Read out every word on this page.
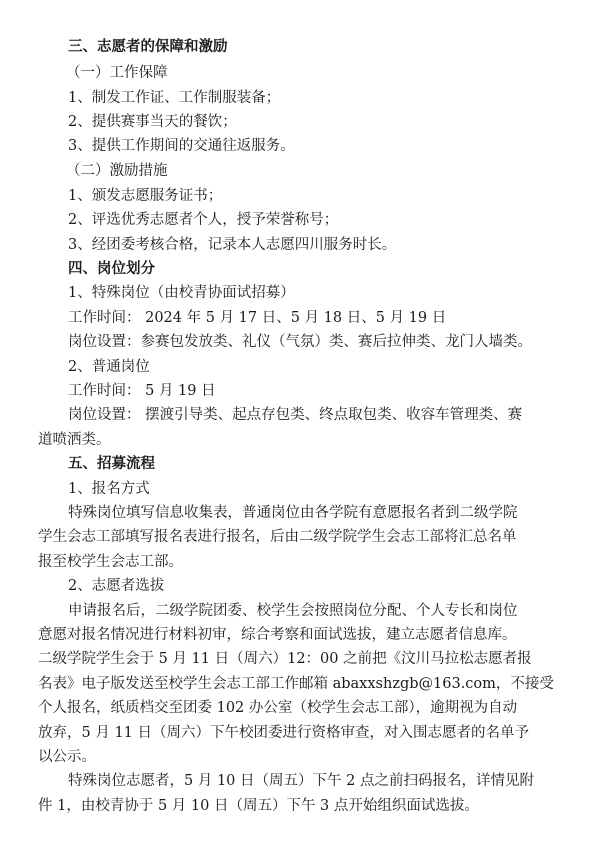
三、志愿者的保障和激励

（一）工作保障

1、制发工作证、工作制服装备；

2、提供赛事当天的餐饮；

3、提供工作期间的交通往返服务。

（二）激励措施

1、颁发志愿服务证书；

2、评选优秀志愿者个人，授予荣誉称号；

3、经团委考核合格，记录本人志愿四川服务时长。

四、岗位划分

1、特殊岗位（由校青协面试招募）

工作时间： 2024 年 5 月 17 日、5 月 18 日、5 月 19 日

岗位设置：参赛包发放类、礼仪（气氛）类、赛后拉伸类、龙门人墙类。

2、普通岗位

工作时间： 5 月 19 日

岗位设置： 摆渡引导类、起点存包类、终点取包类、收容车管理类、赛

道喷洒类。

五、招募流程

1、报名方式

特殊岗位填写信息收集表，普通岗位由各学院有意愿报名者到二级学院

学生会志工部填写报名表进行报名，后由二级学院学生会志工部将汇总名单

报至校学生会志工部。

2、志愿者选拔

申请报名后，二级学院团委、校学生会按照岗位分配、个人专长和岗位

意愿对报名情况进行材料初审，综合考察和面试选拔，建立志愿者信息库。

二级学院学生会于 5 月 11 日（周六）12：00 之前把《汶川马拉松志愿者报

名表》电子版发送至校学生会志工部工作邮箱 abaxxshzgb@163.com，不接受

个人报名，纸质档交至团委 102 办公室（校学生会志工部），逾期视为自动

放弃，5 月 11 日（周六）下午校团委进行资格审查，对入围志愿者的名单予

以公示。

特殊岗位志愿者，5 月 10 日（周五）下午 2 点之前扫码报名，详情见附

件 1，由校青协于 5 月 10 日（周五）下午 3 点开始组织面试选拔。
